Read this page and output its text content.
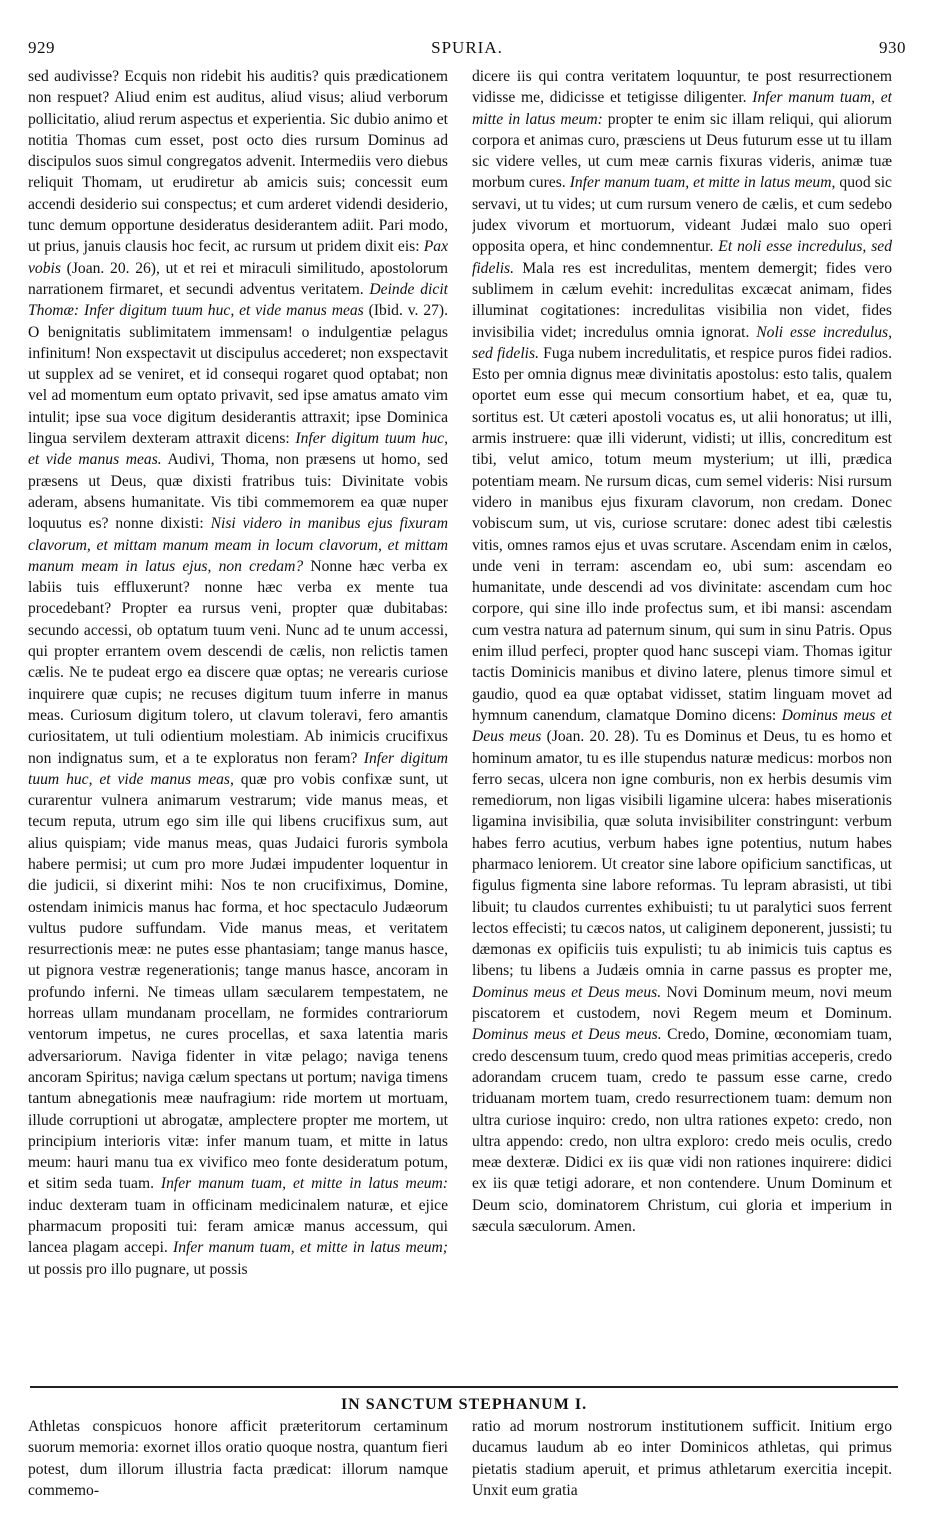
929	SPURIA.	930

sed audivisse? Ecquis non ridebit his auditis? quis prædicationem non respuet? Aliud enim est auditus, aliud visus; aliud verborum pollicitatio, aliud rerum aspectus et experientia. Sic dubio animo et notitia Thomas cum esset, post octo dies rursum Dominus ad discipulos suos simul congregatos advenit. Intermediis vero diebus reliquit Thomam, ut erudiretur ab amicis suis; concessit eum accendi desiderio sui conspectus; et cum arderet videndi desiderio, tunc demum opportune desideratus desiderantem adiit. Pari modo, ut prius, januis clausis hoc fecit, ac rursum ut pridem dixit eis: Pax vobis (Joan. 20. 26), ut et rei et miraculi similitudo, apostolorum narrationem firmaret, et secundi adventus veritatem. Deinde dicit Thomæ: Infer digitum tuum huc, et vide manus meas (Ibid. v. 27). O benignitatis sublimitatem immensam! o indulgentiæ pelagus infinitum! Non exspectavit ut discipulus accederet; non exspectavit ut supplex ad se veniret, et id consequi rogaret quod optabat; non vel ad momentum eum optato privavit, sed ipse amatus amato vim intulit; ipse sua voce digitum desiderantis attraxit; ipse Dominica lingua servilem dexteram attraxit dicens: Infer digitum tuum huc, et vide manus meas. Audivi, Thoma, non præsens ut homo, sed præsens ut Deus, quæ dixisti fratribus tuis: Divinitate vobis aderam, absens humanitate. Vis tibi commemorem ea quæ nuper loquutus es? nonne dixisti: Nisi videro in manibus ejus fixuram clavorum, et mittam manum meam in locum clavorum, et mittam manum meam in latus ejus, non credam? Nonne hæc verba ex labiis tuis effluxerunt? nonne hæc verba ex mente tua procedebant? Propter ea rursus veni, propter quæ dubitabas: secundo accessi, ob optatum tuum veni. Nunc ad te unum accessi, qui propter errantem ovem descendi de cælis, non relictis tamen cælis. Ne te pudeat ergo ea discere quæ optas; ne verearis curiose inquirere quæ cupis; ne recuses digitum tuum inferre in manus meas. Curiosum digitum tolero, ut clavum toleravi, fero amantis curiositatem, ut tuli odientium molestiam. Ab inimicis crucifixus non indignatus sum, et a te exploratus non feram? Infer digitum tuum huc, et vide manus meas, quæ pro vobis confixæ sunt, ut curarentur vulnera animarum vestrarum; vide manus meas, et tecum reputa, utrum ego sim ille qui libens crucifixus sum, aut alius quispiam; vide manus meas, quas Judaici furoris symbola habere permisi; ut cum pro more Judæi impudenter loquentur in die judicii, si dixerint mihi: Nos te non crucifiximus, Domine, ostendam inimicis manus hac forma, et hoc spectaculo Judæorum vultus pudore suffundam. Vide manus meas, et veritatem resurrectionis meæ: ne putes esse phantasiam; tange manus hasce, ut pignora vestræ regenerationis; tange manus hasce, ancoram in profundo inferni. Ne timeas ullam sæcularem tempestatem, ne horreas ullam mundanam procellam, ne formides contrariorum ventorum impetus, ne cures procellas, et saxa latentia maris adversariorum. Naviga fidenter in vitæ pelago; naviga tenens ancoram Spiritus; naviga cælum spectans ut portum; naviga timens tantum abnegationis meæ naufragium: ride mortem ut mortuam, illude corruptioni ut abrogatæ, amplectere propter me mortem, ut principium interioris vitæ: infer manum tuam, et mitte in latus meum: hauri manu tua ex vivifico meo fonte desideratum potum, et sitim seda tuam. Infer manum tuam, et mitte in latus meum: induc dexteram tuam in officinam medicinalem naturæ, et ejice pharmacum propositi tui: feram amicæ manus accessum, qui lancea plagam accepi. Infer manum tuam, et mitte in latus meum; ut possis pro illo pugnare, ut possis

dicere iis qui contra veritatem loquuntur, te post resurrectionem vidisse me, didicisse et tetigisse diligenter. Infer manum tuam, et mitte in latus meum: propter te enim sic illam reliqui, qui aliorum corpora et animas curo, præsciens ut Deus futurum esse ut tu illam sic videre velles, ut cum meæ carnis fixuras videris, animæ tuæ morbum cures. Infer manum tuam, et mitte in latus meum, quod sic servavi, ut tu vides; ut cum rursum venero de cælis, et cum sedebo judex vivorum et mortuorum, videant Judæi malo suo operi opposita opera, et hinc condemnentur. Et noli esse incredulus, sed fidelis. Mala res est incredulitas, mentem demergit; fides vero sublimem in cælum evehit: incredulitas excæcat animam, fides illuminat cogitationes: incredulitas visibilia non videt, fides invisibilia videt; incredulus omnia ignorat. Noli esse incredulus, sed fidelis. Fuga nubem incredulitatis, et respice puros fidei radios. Esto per omnia dignus meæ divinitatis apostolus: esto talis, qualem oportet eum esse qui mecum consortium habet, et ea, quæ tu, sortitus est. Ut cæteri apostoli vocatus es, ut alii honoratus; ut illi, armis instruere: quæ illi viderunt, vidisti; ut illis, concreditum est tibi, velut amico, totum meum mysterium; ut illi, prædica potentiam meam. Ne rursum dicas, cum semel videris: Nisi rursum videro in manibus ejus fixuram clavorum, non credam. Donec vobiscum sum, ut vis, curiose scrutare: donec adest tibi cælestis vitis, omnes ramos ejus et uvas scrutare. Ascendam enim in cælos, unde veni in terram: ascendam eo, ubi sum: ascendam eo humanitate, unde descendi ad vos divinitate: ascendam cum hoc corpore, qui sine illo inde profectus sum, et ibi mansi: ascendam cum vestra natura ad paternum sinum, qui sum in sinu Patris. Opus enim illud perfeci, propter quod hanc suscepi viam. Thomas igitur tactis Dominicis manibus et divino latere, plenus timore simul et gaudio, quod ea quæ optabat vidisset, statim linguam movet ad hymnum canendum, clamatque Domino dicens: Dominus meus et Deus meus (Joan. 20. 28). Tu es Dominus et Deus, tu es homo et hominum amator, tu es ille stupendus naturæ medicus: morbos non ferro secas, ulcera non igne comburis, non ex herbis desumis vim remediorum, non ligas visibili ligamine ulcera: habes miserationis ligamina invisibilia, quæ soluta invisibiliter constringunt: verbum habes ferro acutius, verbum habes igne potentius, nutum habes pharmaco leniorem. Ut creator sine labore opificium sanctificas, ut figulus figmenta sine labore reformas. Tu lepram abrasisti, ut tibi libuit; tu claudos currentes exhibuisti; tu ut paralytici suos ferrent lectos effecisti; tu cæcos natos, ut caliginem deponerent, jussisti; tu dæmonas ex opificiis tuis expulisti; tu ab inimicis tuis captus es libens; tu libens a Judæis omnia in carne passus es propter me, Dominus meus et Deus meus. Novi Dominum meum, novi meum piscatorem et custodem, novi Regem meum et Dominum. Dominus meus et Deus meus. Credo, Domine, œconomiam tuam, credo descensum tuum, credo quod meas primitias acceperis, credo adorandam crucem tuam, credo te passum esse carne, credo triduanam mortem tuam, credo resurrectionem tuam: demum non ultra curiose inquiro: credo, non ultra rationes expeto: credo, non ultra appendo: credo, non ultra exploro: credo meis oculis, credo meæ dexteræ. Didici ex iis quæ vidi non rationes inquirere: didici ex iis quæ tetigi adorare, et non contendere. Unum Dominum et Deum scio, dominatorem Christum, cui gloria et imperium in sæcula sæculorum. Amen.

IN SANCTUM STEPHANUM I.

Athletas conspicuos honore afficit præteritorum certaminum suorum memoria: exornet illos oratio quoque nostra, quantum fieri potest, dum illorum illustria facta prædicat: illorum namque commemo-

ratio ad morum nostrorum institutionem sufficit. Initium ergo ducamus laudum ab eo inter Dominicos athletas, qui primus pietatis stadium aperuit, et primus athletarum exercitia incepit. Unxit eum gratia
